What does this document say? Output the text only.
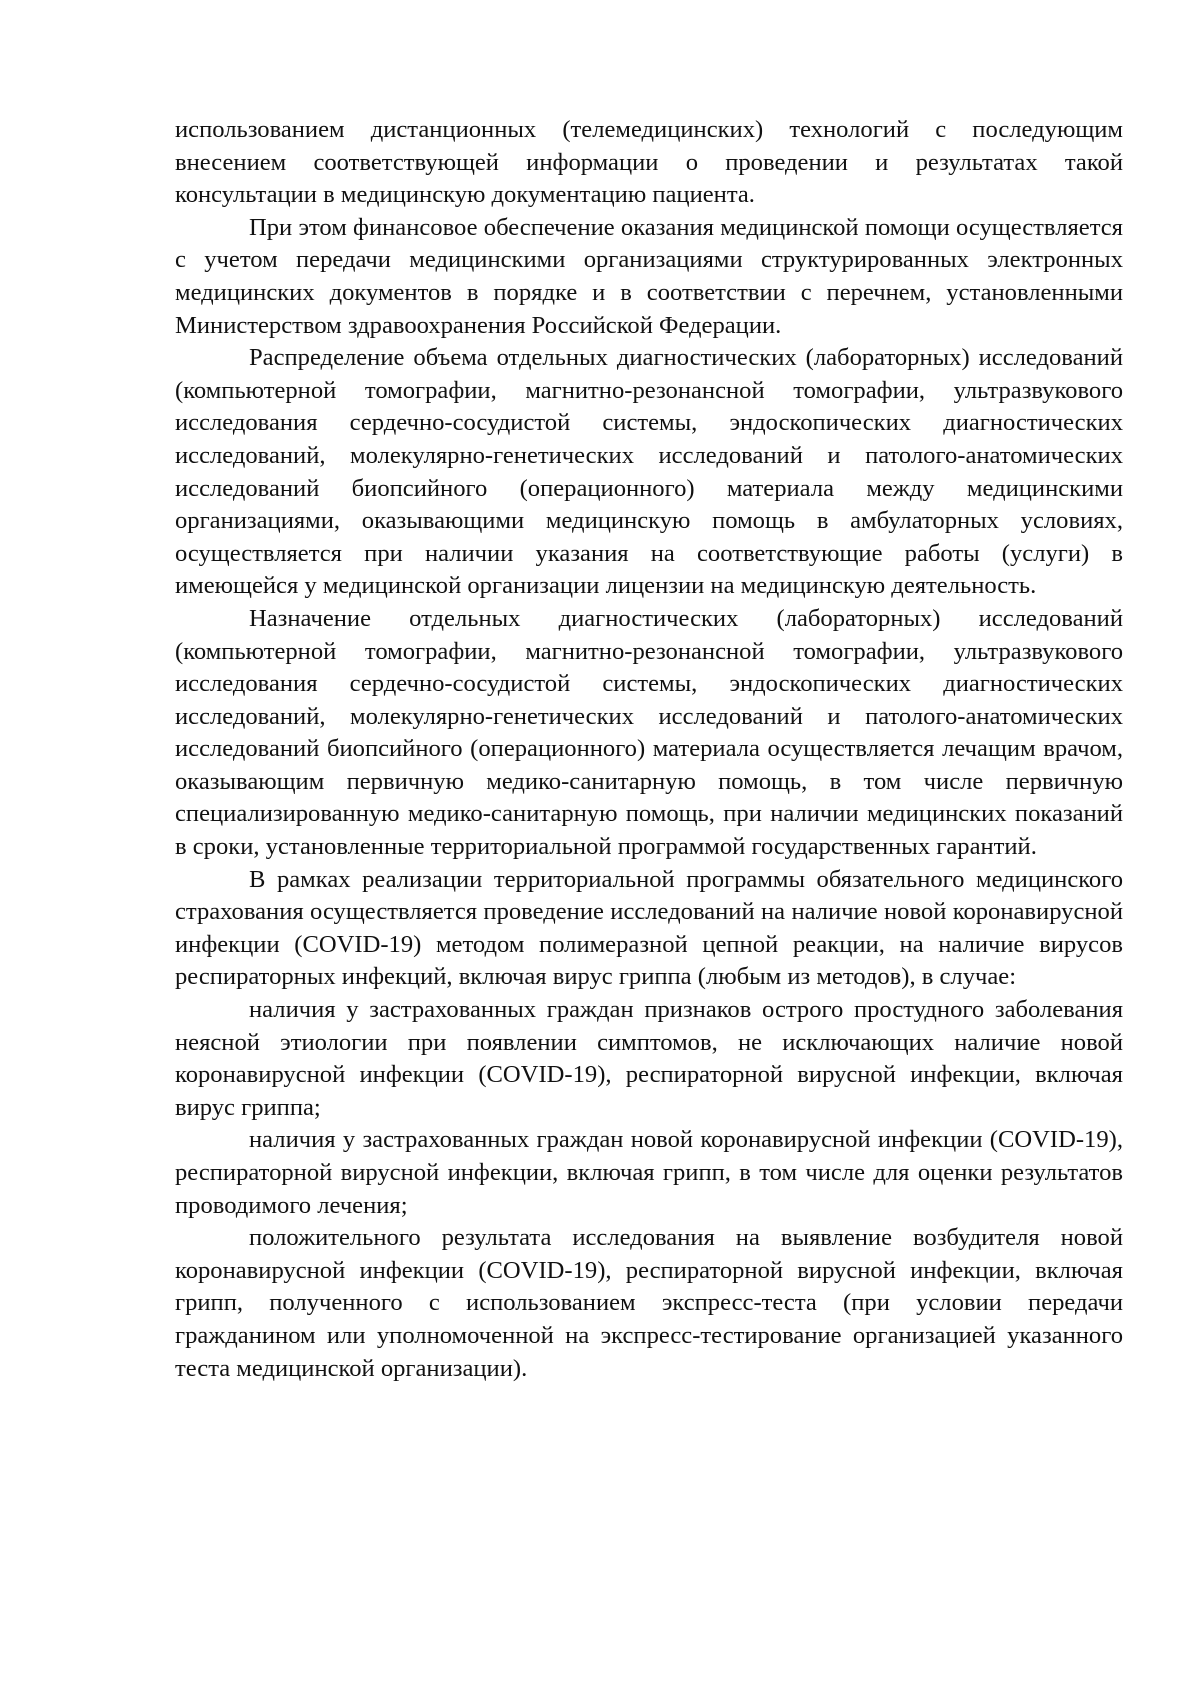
использованием дистанционных (телемедицинских) технологий с последующим внесением соответствующей информации о проведении и результатах такой консультации в медицинскую документацию пациента.

При этом финансовое обеспечение оказания медицинской помощи осуществляется с учетом передачи медицинскими организациями структурированных электронных медицинских документов в порядке и в соответствии с перечнем, установленными Министерством здравоохранения Российской Федерации.

Распределение объема отдельных диагностических (лабораторных) исследований (компьютерной томографии, магнитно-резонансной томографии, ультразвукового исследования сердечно-сосудистой системы, эндоскопических диагностических исследований, молекулярно-генетических исследований и патолого-анатомических исследований биопсийного (операционного) материала между медицинскими организациями, оказывающими медицинскую помощь в амбулаторных условиях, осуществляется при наличии указания на соответствующие работы (услуги) в имеющейся у медицинской организации лицензии на медицинскую деятельность.

Назначение отдельных диагностических (лабораторных) исследований (компьютерной томографии, магнитно-резонансной томографии, ультразвукового исследования сердечно-сосудистой системы, эндоскопических диагностических исследований, молекулярно-генетических исследований и патолого-анатомических исследований биопсийного (операционного) материала осуществляется лечащим врачом, оказывающим первичную медико-санитарную помощь, в том числе первичную специализированную медико-санитарную помощь, при наличии медицинских показаний в сроки, установленные территориальной программой государственных гарантий.

В рамках реализации территориальной программы обязательного медицинского страхования осуществляется проведение исследований на наличие новой коронавирусной инфекции (COVID-19) методом полимеразной цепной реакции, на наличие вирусов респираторных инфекций, включая вирус гриппа (любым из методов), в случае:

наличия у застрахованных граждан признаков острого простудного заболевания неясной этиологии при появлении симптомов, не исключающих наличие новой коронавирусной инфекции (COVID-19), респираторной вирусной инфекции, включая вирус гриппа;

наличия у застрахованных граждан новой коронавирусной инфекции (COVID-19), респираторной вирусной инфекции, включая грипп, в том числе для оценки результатов проводимого лечения;

положительного результата исследования на выявление возбудителя новой коронавирусной инфекции (COVID-19), респираторной вирусной инфекции, включая грипп, полученного с использованием экспресс-теста (при условии передачи гражданином или уполномоченной на экспресс-тестирование организацией указанного теста медицинской организации).
